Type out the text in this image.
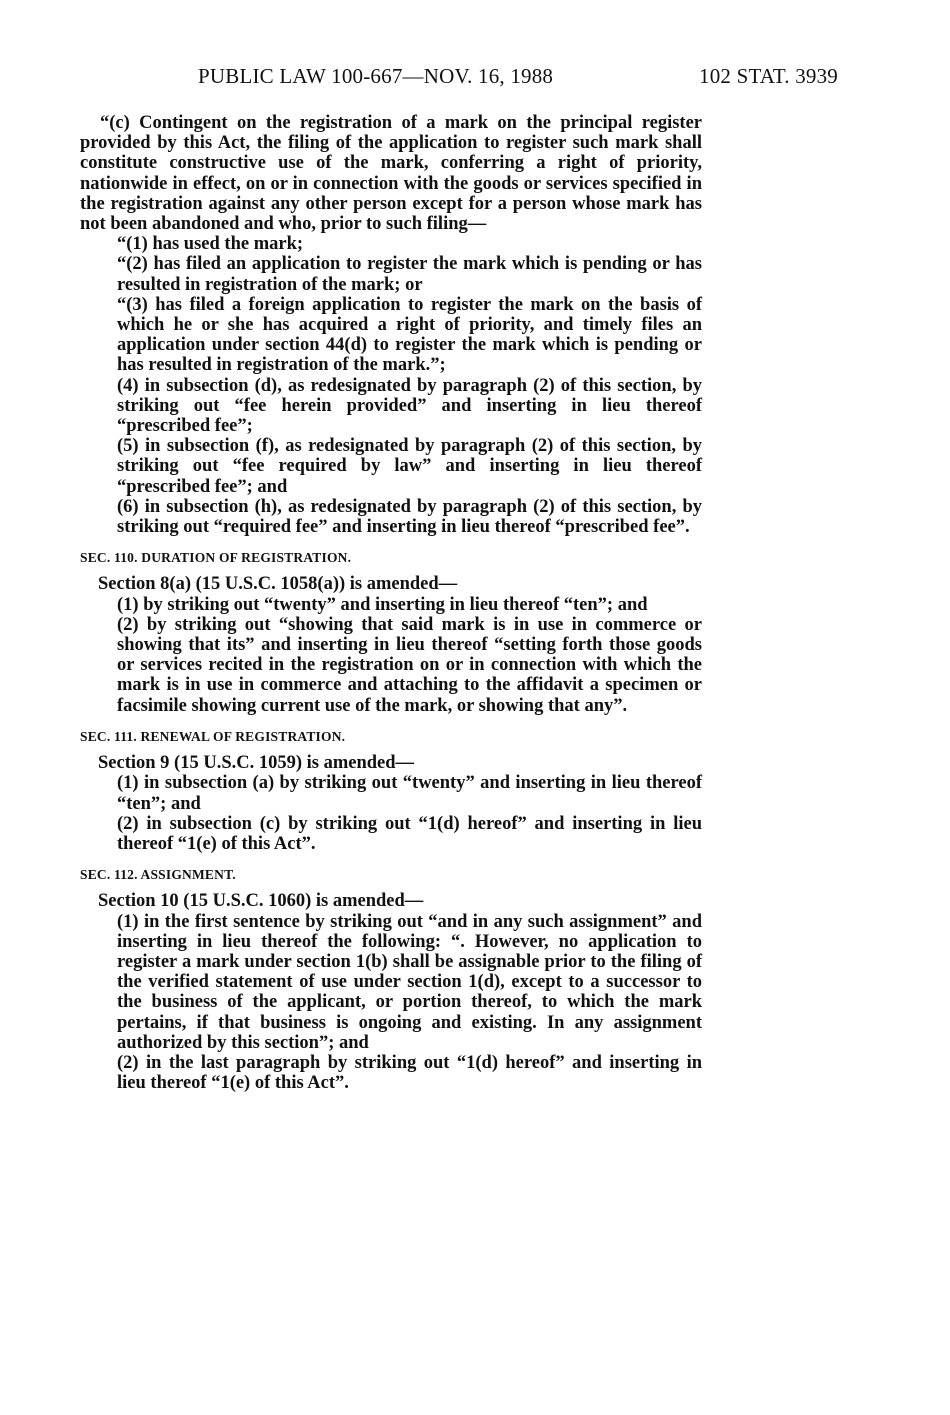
PUBLIC LAW 100-667—NOV. 16, 1988	102 STAT. 3939

“(c) Contingent on the registration of a mark on the principal register provided by this Act, the filing of the application to register such mark shall constitute constructive use of the mark, conferring a right of priority, nationwide in effect, on or in connection with the goods or services specified in the registration against any other person except for a person whose mark has not been abandoned and who, prior to such filing—

“(1) has used the mark;

“(2) has filed an application to register the mark which is pending or has resulted in registration of the mark; or

“(3) has filed a foreign application to register the mark on the basis of which he or she has acquired a right of priority, and timely files an application under section 44(d) to register the mark which is pending or has resulted in registration of the mark.”;

(4) in subsection (d), as redesignated by paragraph (2) of this section, by striking out “fee herein provided” and inserting in lieu thereof “prescribed fee”;

(5) in subsection (f), as redesignated by paragraph (2) of this section, by striking out “fee required by law” and inserting in lieu thereof “prescribed fee”; and

(6) in subsection (h), as redesignated by paragraph (2) of this section, by striking out “required fee” and inserting in lieu thereof “prescribed fee”.

SEC. 110. DURATION OF REGISTRATION.

Section 8(a) (15 U.S.C. 1058(a)) is amended—

(1) by striking out “twenty” and inserting in lieu thereof “ten”; and

(2) by striking out “showing that said mark is in use in commerce or showing that its” and inserting in lieu thereof “setting forth those goods or services recited in the registration on or in connection with which the mark is in use in commerce and attaching to the affidavit a specimen or facsimile showing current use of the mark, or showing that any”.

SEC. 111. RENEWAL OF REGISTRATION.

Section 9 (15 U.S.C. 1059) is amended—

(1) in subsection (a) by striking out “twenty” and inserting in lieu thereof “ten”; and

(2) in subsection (c) by striking out “1(d) hereof” and inserting in lieu thereof “1(e) of this Act”.

SEC. 112. ASSIGNMENT.

Section 10 (15 U.S.C. 1060) is amended—

(1) in the first sentence by striking out “and in any such assignment” and inserting in lieu thereof the following: “. However, no application to register a mark under section 1(b) shall be assignable prior to the filing of the verified statement of use under section 1(d), except to a successor to the business of the applicant, or portion thereof, to which the mark pertains, if that business is ongoing and existing. In any assignment authorized by this section”; and

(2) in the last paragraph by striking out “1(d) hereof” and inserting in lieu thereof “1(e) of this Act”.
